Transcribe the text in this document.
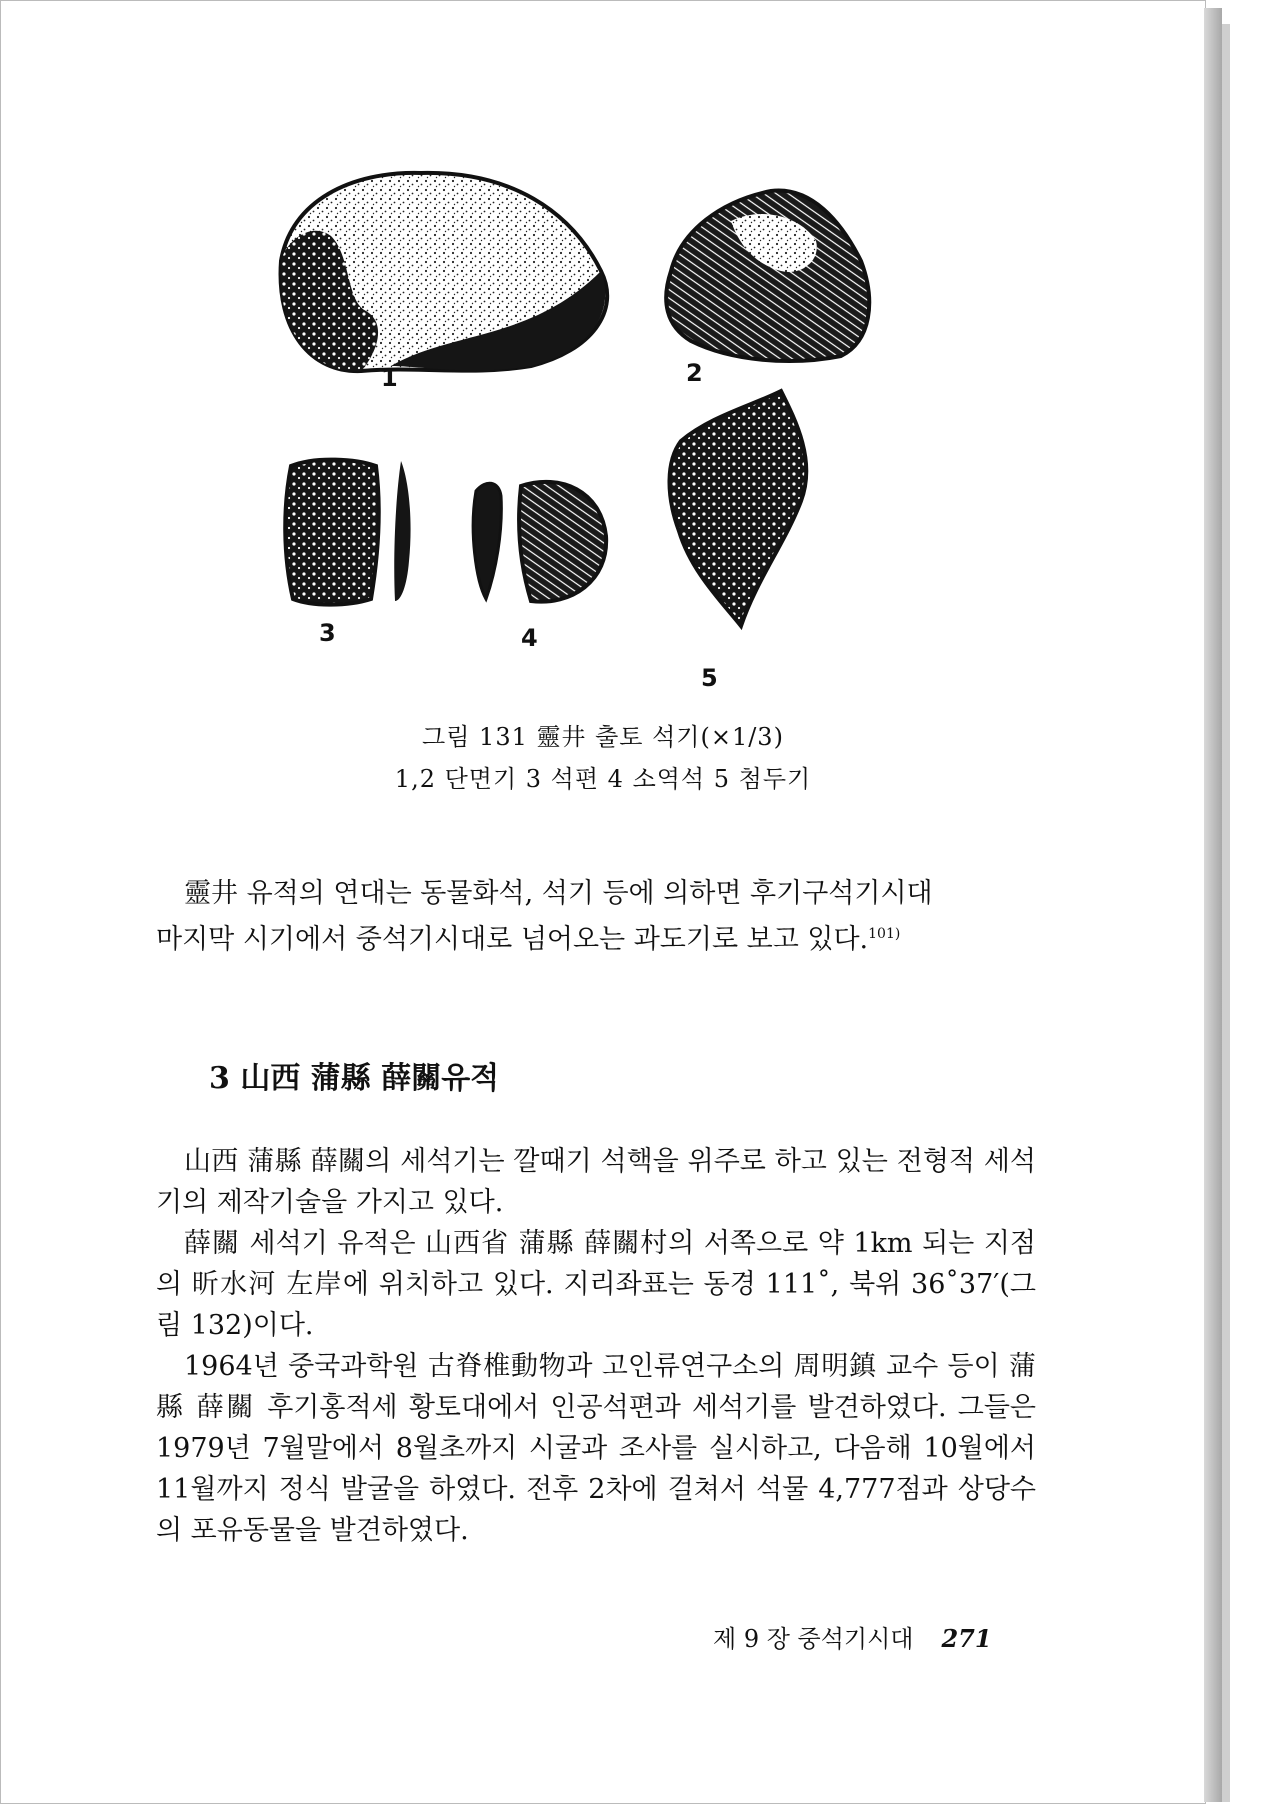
1	2
3	4
5
그림 131 靈井 출토 석기(×1/3)
1,2 단면기 3 석편 4 소역석 5 첨두기

靈井 유적의 연대는 동물화석, 석기 등에 의하면 후기구석기시대

마지막 시기에서 중석기시대로 넘어오는 과도기로 보고 있다.$^{101)}$

3 山西 蒲縣 薛關유적

山西 蒲縣 薛關의 세석기는 깔때기 석핵을 위주로 하고 있는 전형적 세석기의 제작기술을 가지고 있다.

薛關 세석기 유적은 山西省 蒲縣 薛關村의 서쪽으로 약 1km 되는 지점의 昕水河 左岸에 위치하고 있다. 지리좌표는 동경 111˚, 북위 36˚37′(그림 132)이다.

1964년 중국과학원 古脊椎動物과 고인류연구소의 周明鎮 교수 등이 蒲縣 薛關 후기홍적세 황토대에서 인공석편과 세석기를 발견하였다. 그들은 1979년 7월말에서 8월초까지 시굴과 조사를 실시하고, 다음해 10월에서 11월까지 정식 발굴을 하였다. 전후 2차에 걸쳐서 석물 4,777점과 상당수의 포유동물을 발견하였다.

제 9 장 중석기시대 271
